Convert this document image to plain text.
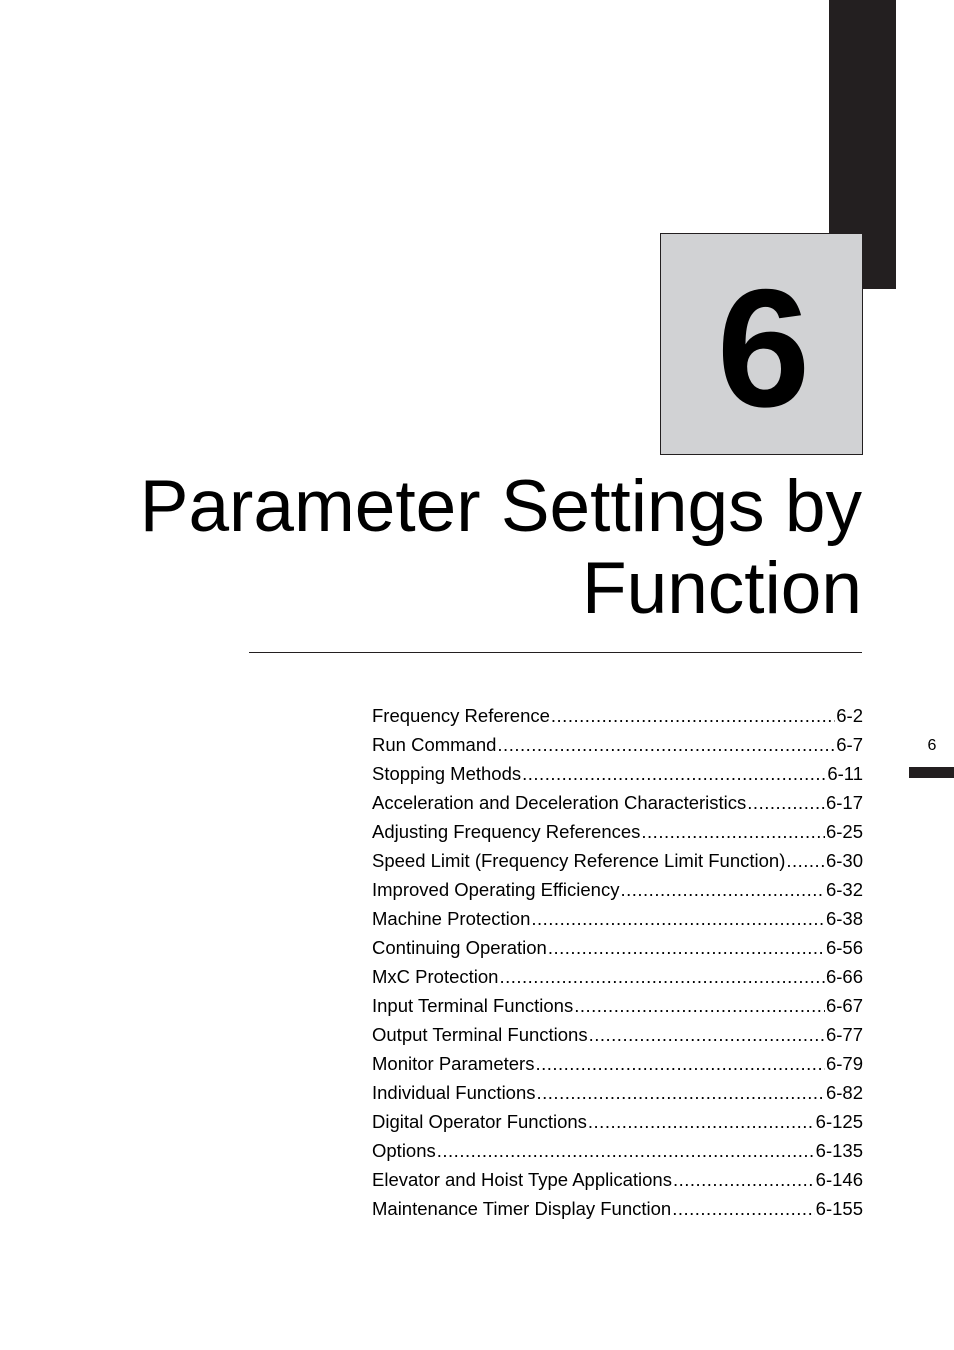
6
Parameter Settings by
Function
Frequency Reference .....	6-2
Run Command .....	6-7
Stopping Methods .....	6-11
Acceleration and Deceleration Characteristics .....	6-17
Adjusting Frequency References .....	6-25
Speed Limit (Frequency Reference Limit Function) ..... 6-30
Improved Operating Efficiency .....	6-32
Machine Protection .....	6-38
Continuing Operation .....	6-56
MxC Protection .....	6-66
Input Terminal Functions .....	6-67
Output Terminal Functions .....	6-77
Monitor Parameters .....	6-79
Individual Functions .....	6-82
Digital Operator Functions .....	6-125
Options .....	6-135
Elevator and Hoist Type Applications .....	6-146
Maintenance Timer Display Function .....	6-155
6
